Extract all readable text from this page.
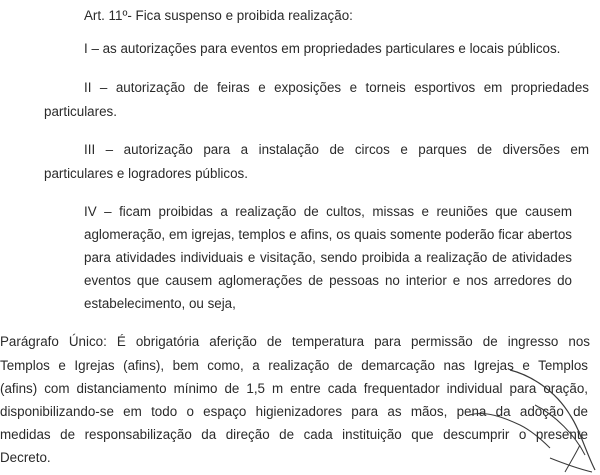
Art. 11º- Fica suspenso e proibida realização:
I – as autorizações para eventos em propriedades particulares e locais públicos.
II – autorização de feiras e exposições e torneis esportivos em propriedades
particulares.
III – autorização para a instalação de circos e parques de diversões em
particulares e logradores públicos.
IV – ficam proibidas a realização de cultos, missas e reuniões que causem
aglomeração, em igrejas, templos e afins, os quais somente poderão ficar abertos
para atividades individuais e visitação, sendo proibida a realização de atividades
eventos que causem aglomerações de pessoas no interior e nos arredores do
estabelecimento, ou seja,
Parágrafo Único: É obrigatória aferição de temperatura para permissão de ingresso nos
Templos e Igrejas (afins), bem como, a realização de demarcação nas Igrejas e Templos
(afins) com distanciamento mínimo de 1,5 m entre cada frequentador individual para oração,
disponibilizando-se em todo o espaço higienizadores para as mãos, pena da adoção de
medidas de responsabilização da direção de cada instituição que descumprir o presente
Decreto.
